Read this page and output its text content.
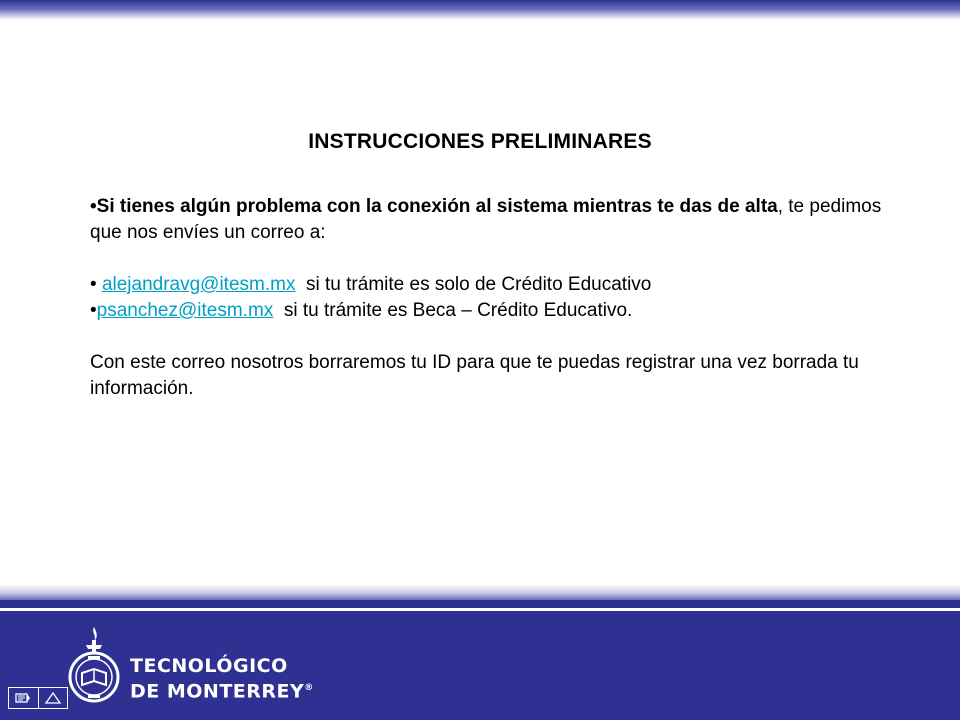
INSTRUCCIONES PRELIMINARES

•Si tienes algún problema con la conexión al sistema mientras te das de alta, te pedimos que nos envíes un correo a:

• alejandravg@itesm.mx si tu trámite es solo de Crédito Educativo

•psanchez@itesm.mx si tu trámite es Beca – Crédito Educativo.

Con este correo nosotros borraremos tu ID para que te puedas registrar una vez borrada tu información.

TECNOLÓGICO
DE MONTERREY®
